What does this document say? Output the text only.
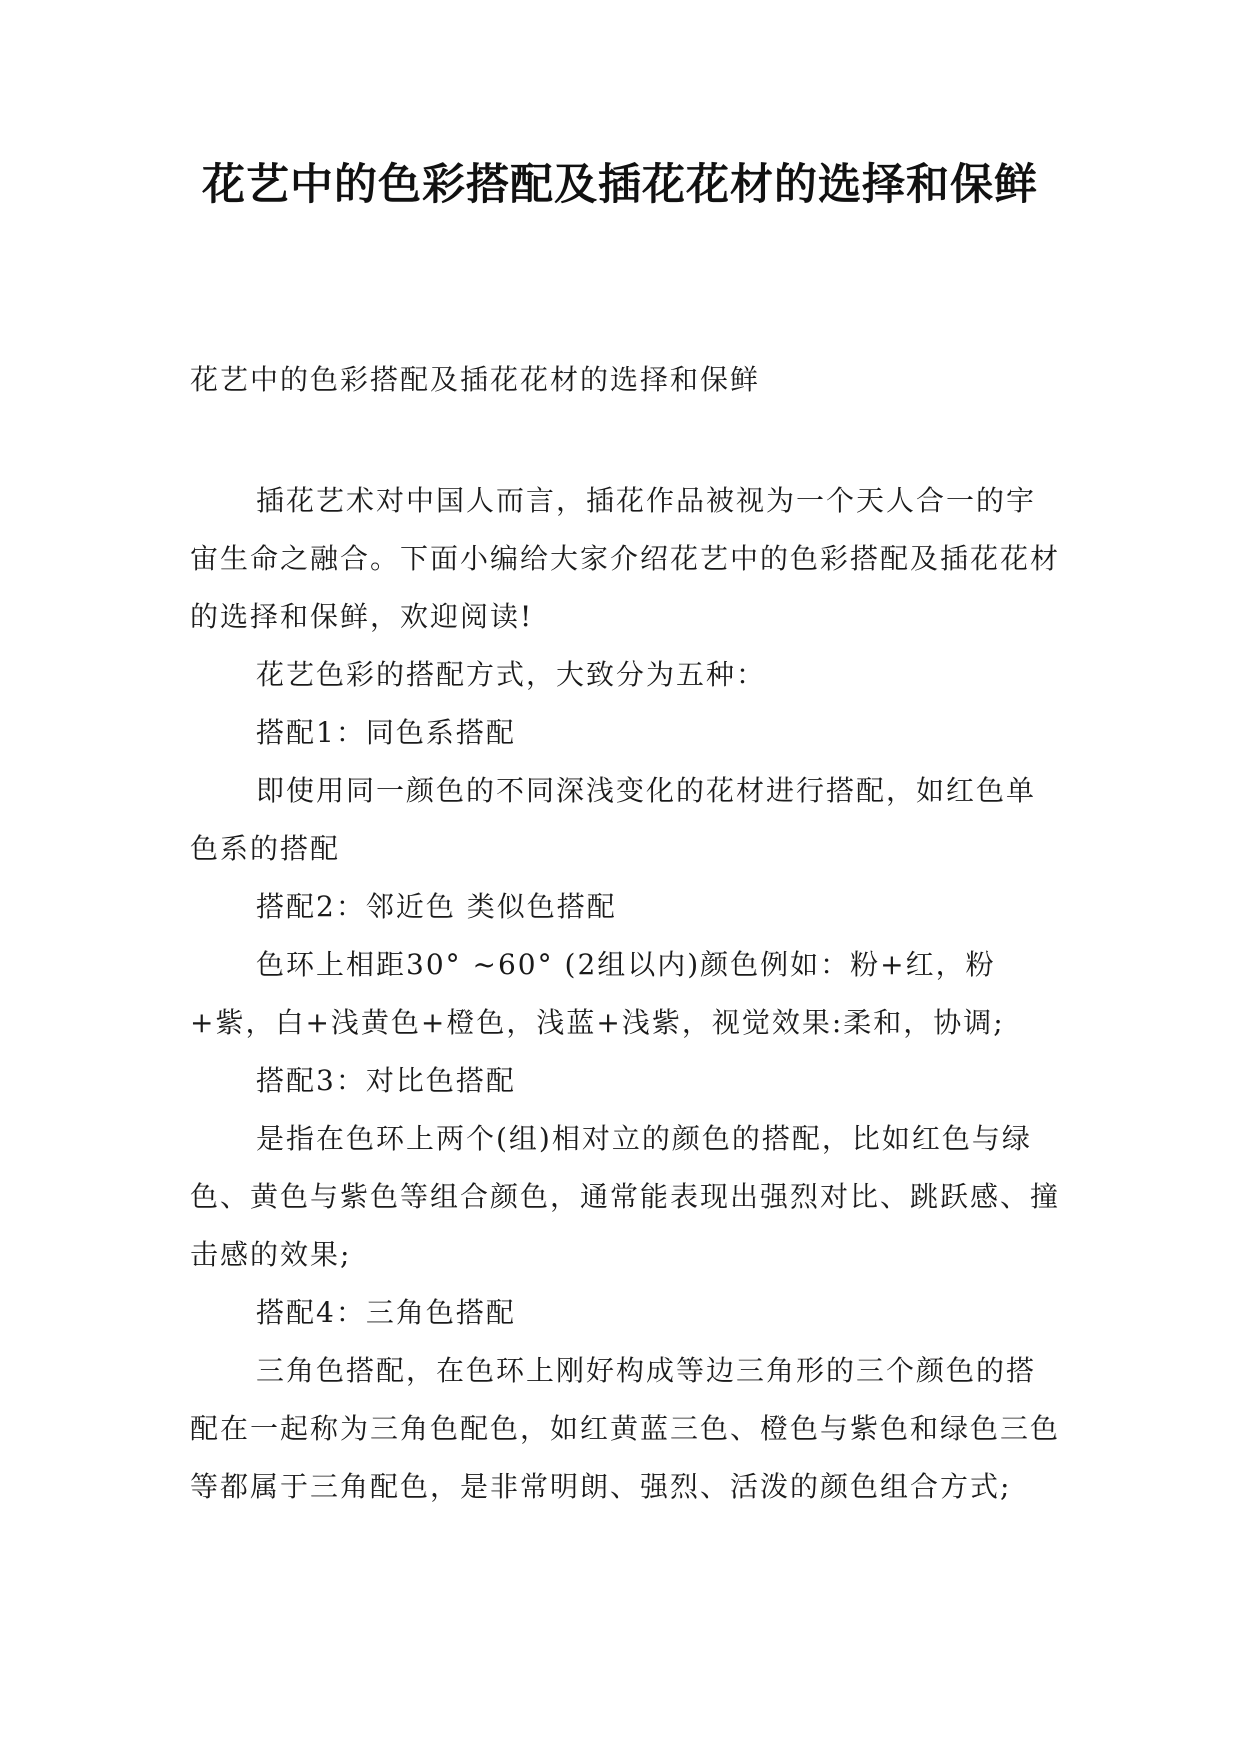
花艺中的色彩搭配及插花花材的选择和保鲜
花艺中的色彩搭配及插花花材的选择和保鲜

插花艺术对中国人而言，插花作品被视为一个天人合一的宇宙生命之融合。下面小编给大家介绍花艺中的色彩搭配及插花花材的选择和保鲜，欢迎阅读!

花艺色彩的搭配方式，大致分为五种：

搭配1：同色系搭配

即使用同一颜色的不同深浅变化的花材进行搭配，如红色单色系的搭配

搭配2：邻近色 类似色搭配

色环上相距30° ~60° (2组以内)颜色例如：粉+红，粉+紫，白+浅黄色+橙色，浅蓝+浅紫，视觉效果:柔和，协调;

搭配3：对比色搭配

是指在色环上两个(组)相对立的颜色的搭配，比如红色与绿色、黄色与紫色等组合颜色，通常能表现出强烈对比、跳跃感、撞击感的效果;

搭配4：三角色搭配

三角色搭配，在色环上刚好构成等边三角形的三个颜色的搭配在一起称为三角色配色，如红黄蓝三色、橙色与紫色和绿色三色等都属于三角配色，是非常明朗、强烈、活泼的颜色组合方式;
